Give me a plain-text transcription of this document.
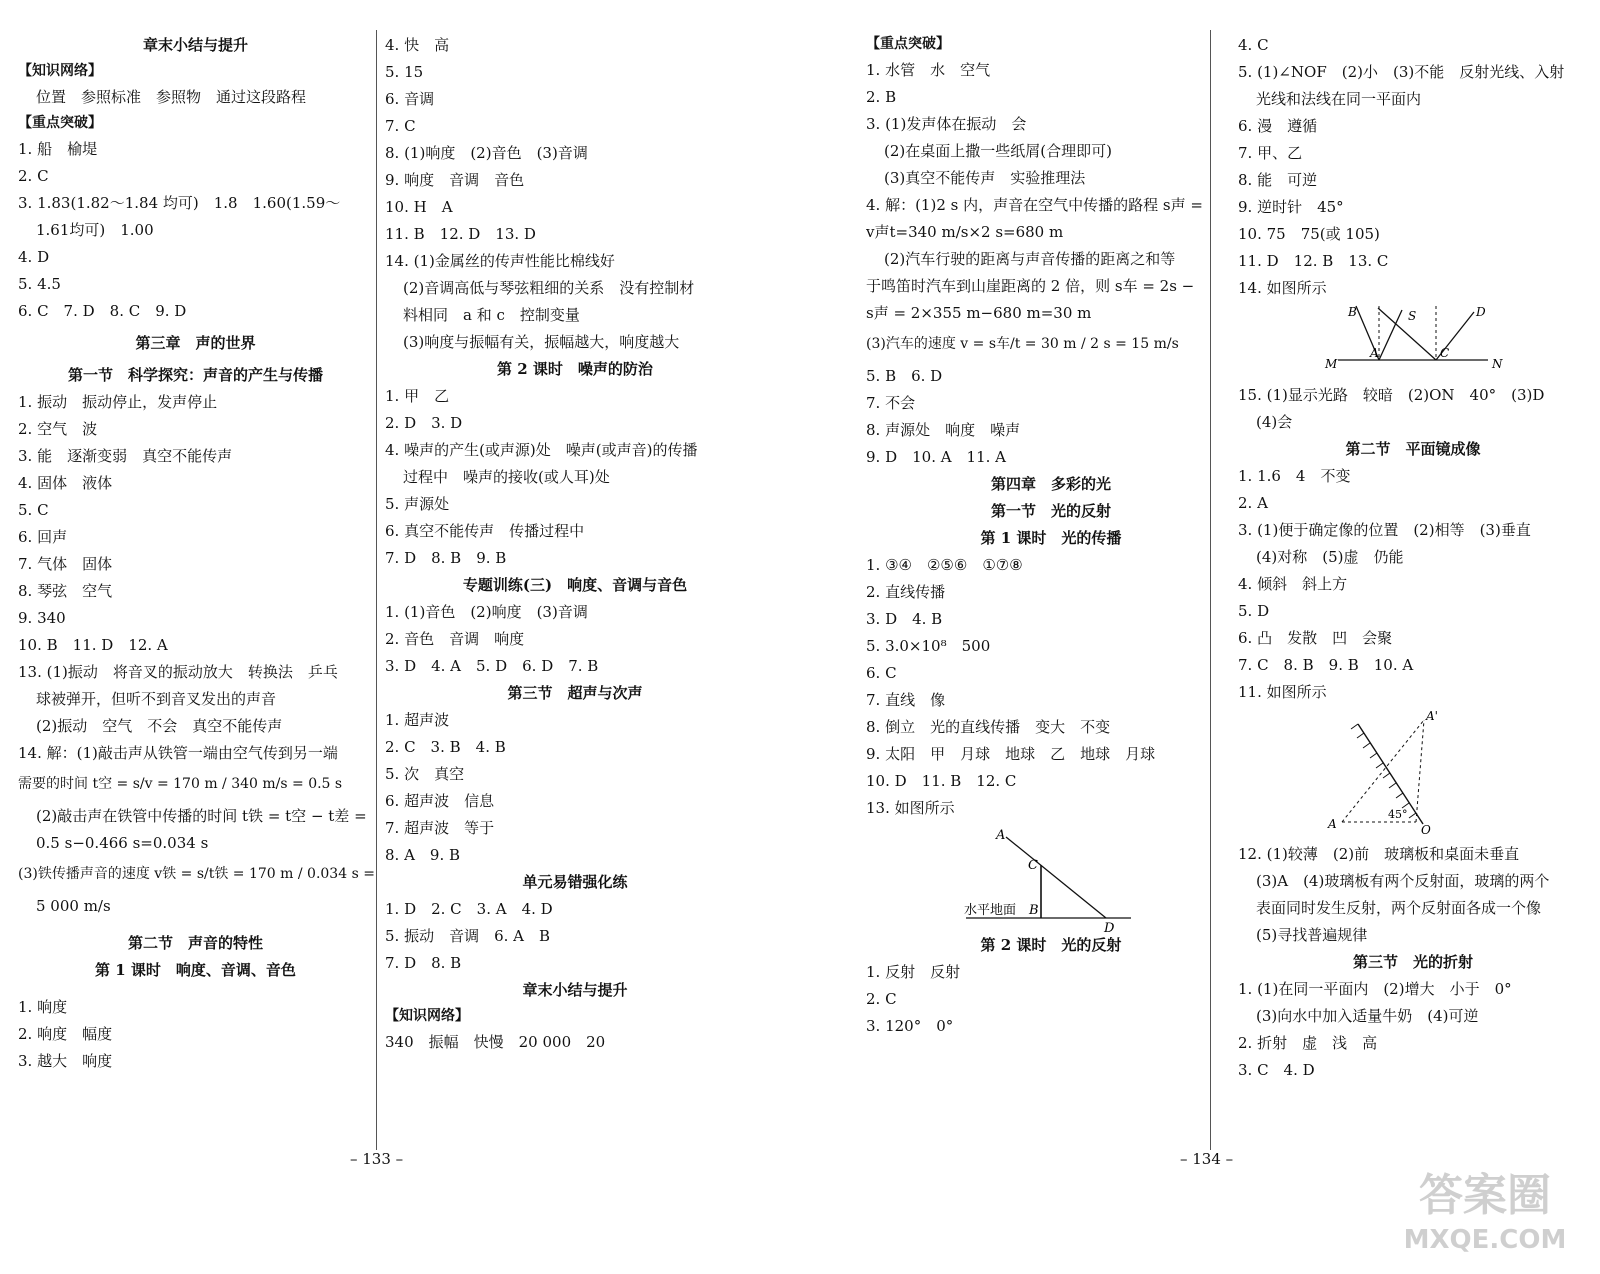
章末小结与提升
【知识网络】
位置　参照标准　参照物　通过这段路程
【重点突破】
1. 船　榆堤
2. C
3. 1.83(1.82～1.84 均可)　1.8　1.60(1.59～
1.61均可)　1.00
4. D
5. 4.5
6. C　7. D　8. C　9. D
第三章　声的世界
第一节　科学探究：声音的产生与传播
1. 振动　振动停止，发声停止
2. 空气　波
3. 能　逐渐变弱　真空不能传声
4. 固体　液体
5. C
6. 回声
7. 气体　固体
8. 琴弦　空气
9. 340
10. B　11. D　12. A
13. (1)振动　将音叉的振动放大　转换法　乒乓
球被弹开，但听不到音叉发出的声音
(2)振动　空气　不会　真空不能传声
14. 解：(1)敲击声从铁管一端由空气传到另一端
需要的时间 t空 = s/v = 170 m / 340 m/s = 0.5 s
(2)敲击声在铁管中传播的时间 t铁 = t空 − t差 =
0.5 s−0.466 s=0.034 s
(3)铁传播声音的速度 v铁 = s/t铁 = 170 m / 0.034 s =
5 000 m/s
第二节　声音的特性
第 1 课时　响度、音调、音色
1. 响度
2. 响度　幅度
3. 越大　响度
4. 快　高
5. 15
6. 音调
7. C
8. (1)响度　(2)音色　(3)音调
9. 响度　音调　音色
10. H　A
11. B　12. D　13. D
14. (1)金属丝的传声性能比棉线好
(2)音调高低与琴弦粗细的关系　没有控制材
料相同　a 和 c　控制变量
(3)响度与振幅有关，振幅越大，响度越大
第 2 课时　噪声的防治
1. 甲　乙
2. D　3. D
4. 噪声的产生(或声源)处　噪声(或声音)的传播
过程中　噪声的接收(或人耳)处
5. 声源处
6. 真空不能传声　传播过程中
7. D　8. B　9. B
专题训练(三)　响度、音调与音色
1. (1)音色　(2)响度　(3)音调
2. 音色　音调　响度
3. D　4. A　5. D　6. D　7. B
第三节　超声与次声
1. 超声波
2. C　3. B　4. B
5. 次　真空
6. 超声波　信息
7. 超声波　等于
8. A　9. B
单元易错强化练
1. D　2. C　3. A　4. D
5. 振动　音调　6. A　B
7. D　8. B
章末小结与提升
【知识网络】
340　振幅　快慢　20 000　20
【重点突破】
1. 水管　水　空气
2. B
3. (1)发声体在振动　会
(2)在桌面上撒一些纸屑(合理即可)
(3)真空不能传声　实验推理法
4. 解：(1)2 s 内，声音在空气中传播的路程 s声 =
v声t=340 m/s×2 s=680 m
(2)汽车行驶的距离与声音传播的距离之和等
于鸣笛时汽车到山崖距离的 2 倍，则 s车 = 2s −
s声 = 2×355 m−680 m=30 m
(3)汽车的速度 v = s车/t = 30 m / 2 s = 15 m/s
5. B　6. D
7. 不会
8. 声源处　响度　噪声
9. D　10. A　11. A
第四章　多彩的光
第一节　光的反射
第 1 课时　光的传播
1. ③④　②⑤⑥　①⑦⑧
2. 直线传播
3. D　4. B
5. 3.0×10⁸　500
6. C
7. 直线　像
8. 倒立　光的直线传播　变大　不变
9. 太阳　甲　月球　地球　乙　地球　月球
10. D　11. B　12. C
13. 如图所示
A
C
B
D
水平地面
第 2 课时　光的反射
1. 反射　反射
2. C
3. 120°　0°
4. C
5. (1)∠NOF　(2)小　(3)不能　反射光线、入射
光线和法线在同一平面内
6. 漫　遵循
7. 甲、乙
8. 能　可逆
9. 逆时针　45°
10. 75　75(或 105)
11. D　12. B　13. C
14. 如图所示
B	S	D
M
A	C
N
15. (1)显示光路　较暗　(2)ON　40°　(3)D
(4)会
第二节　平面镜成像
1. 1.6　4　不变
2. A
3. (1)便于确定像的位置　(2)相等　(3)垂直
(4)对称　(5)虚　仍能
4. 倾斜　斜上方
5. D
6. 凸　发散　凹　会聚
7. C　8. B　9. B　10. A
11. 如图所示
A'
A
45°
O
12. (1)较薄　(2)前　玻璃板和桌面未垂直
(3)A　(4)玻璃板有两个反射面，玻璃的两个
表面同时发生反射，两个反射面各成一个像
(5)寻找普遍规律
第三节　光的折射
1. (1)在同一平面内　(2)增大　小于　0°
(3)向水中加入适量牛奶　(4)可逆
2. 折射　虚　浅　高
3. C　4. D
– 133 –	– 134 –
答案圈
MXQE.COM
